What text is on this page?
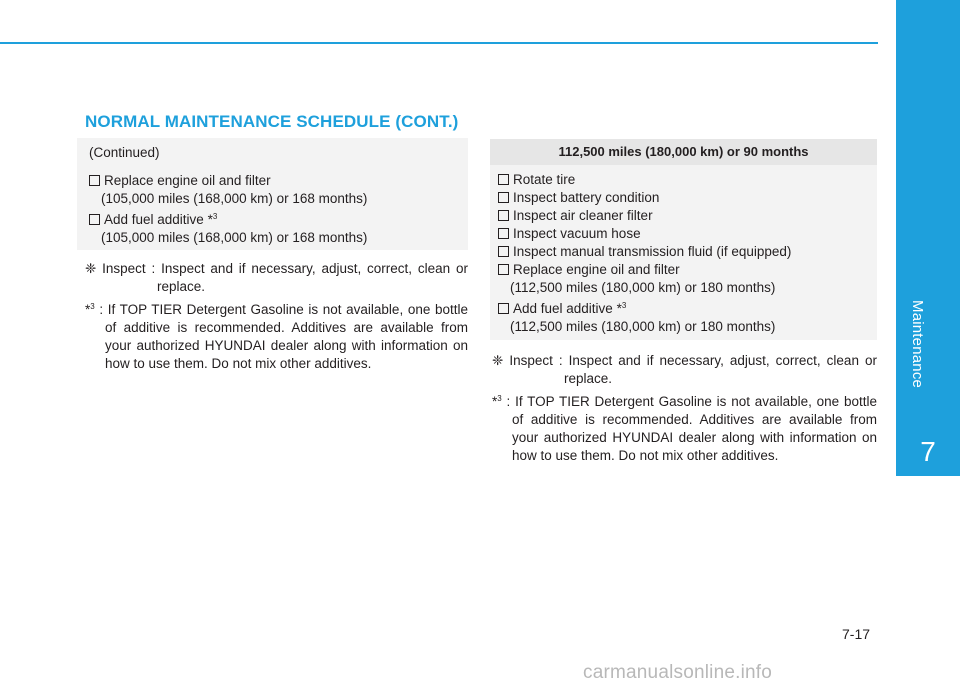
Maintenance
7
NORMAL MAINTENANCE SCHEDULE (CONT.)
(Continued)
Replace engine oil and filter
(105,000 miles (168,000 km) or 168 months)
Add fuel additive *$^3$
(105,000 miles (168,000 km) or 168 months)

❈ Inspect : Inspect and if necessary, adjust, correct, clean or replace.

*$^3$ : If TOP TIER Detergent Gasoline is not available, one bottle of additive is recommended. Additives are available from your authorized HYUNDAI dealer along with information on how to use them. Do not mix other additives.

112,500 miles (180,000 km) or 90 months
Rotate tire
Inspect battery condition
Inspect air cleaner filter
Inspect vacuum hose
Inspect manual transmission fluid (if equipped)
Replace engine oil and filter
(112,500 miles (180,000 km) or 180 months)
Add fuel additive *$^3$
(112,500 miles (180,000 km) or 180 months)

❈ Inspect : Inspect and if necessary, adjust, correct, clean or replace.

*$^3$ : If TOP TIER Detergent Gasoline is not available, one bottle of additive is recommended. Additives are available from your authorized HYUNDAI dealer along with information on how to use them. Do not mix other additives.

7-17
carmanualsonline.info
